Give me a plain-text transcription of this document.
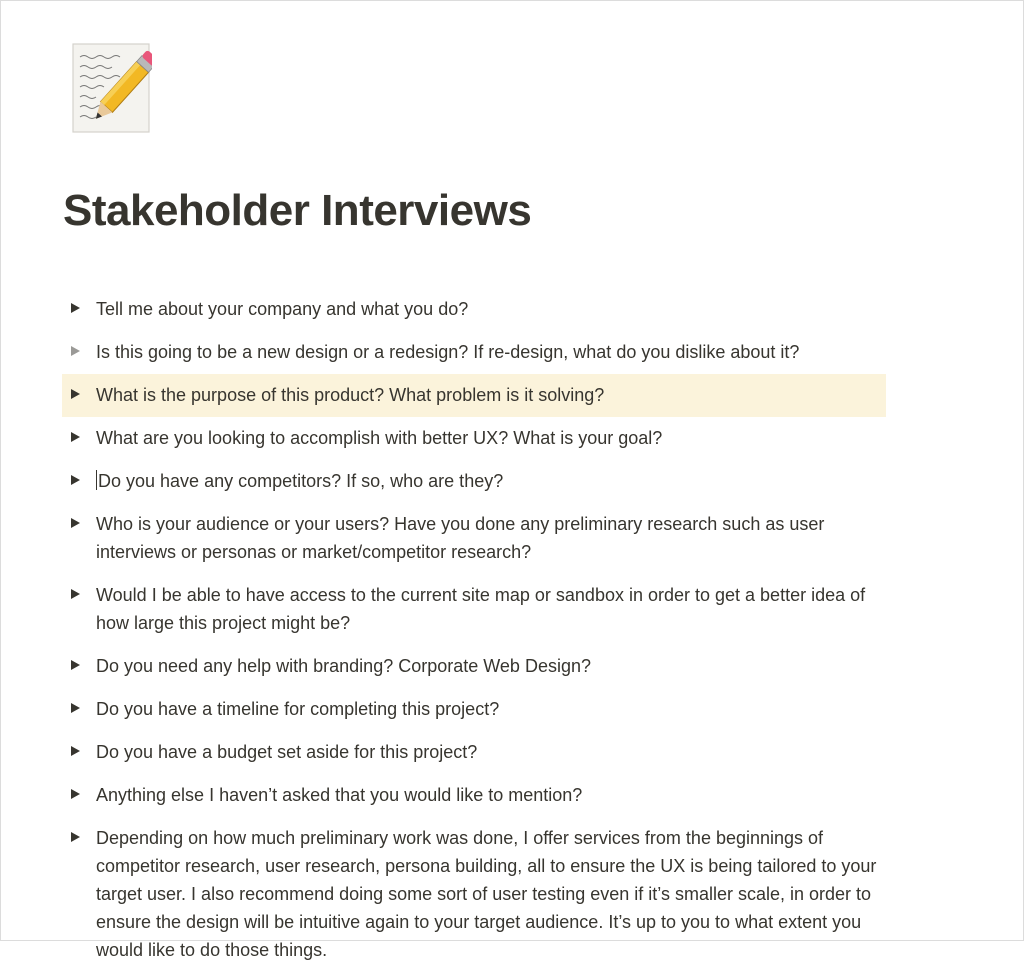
Stakeholder Interviews
Tell me about your company and what you do?
Is this going to be a new design or a redesign? If re-design, what do you dislike about it?
What is the purpose of this product? What problem is it solving?
What are you looking to accomplish with better UX? What is your goal?
Do you have any competitors? If so, who are they?
Who is your audience or your users? Have you done any preliminary research such as user interviews or personas or market/competitor research?
Would I be able to have access to the current site map or sandbox in order to get a better idea of how large this project might be?
Do you need any help with branding? Corporate Web Design?
Do you have a timeline for completing this project?
Do you have a budget set aside for this project?
Anything else I haven’t asked that you would like to mention?
Depending on how much preliminary work was done, I offer services from the beginnings of competitor research, user research, persona building, all to ensure the UX is being tailored to your target user. I also recommend doing some sort of user testing even if it’s smaller scale, in order to ensure the design will be intuitive again to your target audience. It’s up to you to what extent you would like to do those things.
